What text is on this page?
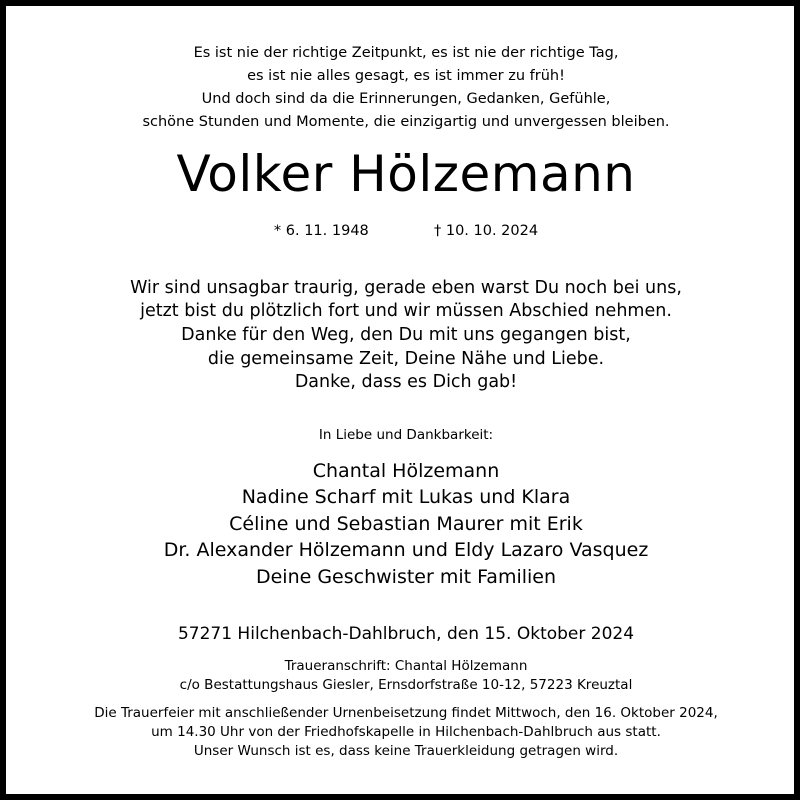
Es ist nie der richtige Zeitpunkt, es ist nie der richtige Tag,
es ist nie alles gesagt, es ist immer zu früh!
Und doch sind da die Erinnerungen, Gedanken, Gefühle,
schöne Stunden und Momente, die einzigartig und unvergessen bleiben.
Volker Hölzemann
* 6. 11. 1948	† 10. 10. 2024
Wir sind unsagbar traurig, gerade eben warst Du noch bei uns,
jetzt bist du plötzlich fort und wir müssen Abschied nehmen.
Danke für den Weg, den Du mit uns gegangen bist,
die gemeinsame Zeit, Deine Nähe und Liebe.
Danke, dass es Dich gab!
In Liebe und Dankbarkeit:
Chantal Hölzemann
Nadine Scharf mit Lukas und Klara
Céline und Sebastian Maurer mit Erik
Dr. Alexander Hölzemann und Eldy Lazaro Vasquez
Deine Geschwister mit Familien
57271 Hilchenbach-Dahlbruch, den 15. Oktober 2024
Traueranschrift: Chantal Hölzemann
c/o Bestattungshaus Giesler, Ernsdorfstraße 10-12, 57223 Kreuztal
Die Trauerfeier mit anschließender Urnenbeisetzung findet Mittwoch, den 16. Oktober 2024,
um 14.30 Uhr von der Friedhofskapelle in Hilchenbach-Dahlbruch aus statt.
Unser Wunsch ist es, dass keine Trauerkleidung getragen wird.
